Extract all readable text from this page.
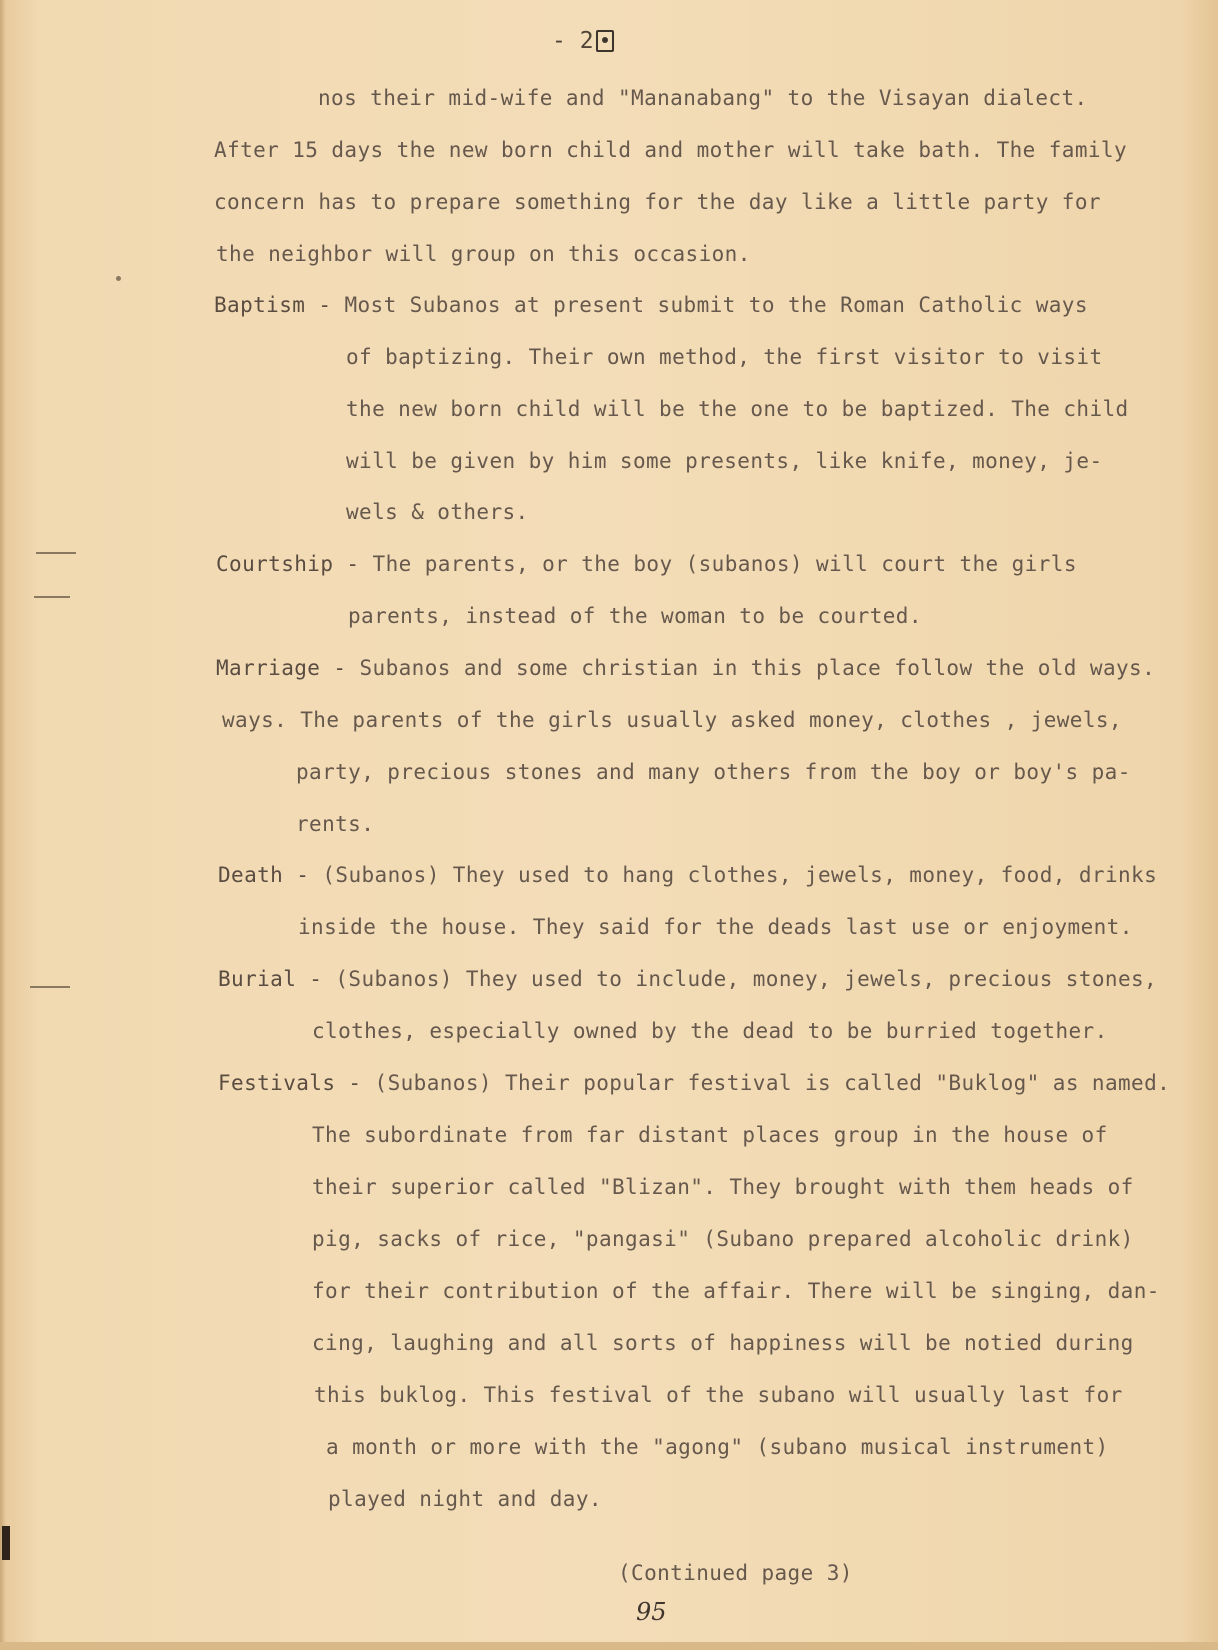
- 2
nos their mid-wife and "Mananabang" to the Visayan dialect.
After 15 days the new born child and mother will take bath. The family
concern has to prepare something for the day like a little party for
the neighbor will group on this occasion.
Baptism - Most Subanos at present submit to the Roman Catholic ways
of baptizing. Their own method, the first visitor to visit
the new born child will be the one to be baptized. The child
will be given by him some presents, like knife, money, je-
wels & others.
Courtship - The parents, or the boy (subanos) will court the girls
parents, instead of the woman to be courted.
Marriage - Subanos and some christian in this place follow the old ways.
ways. The parents of the girls usually asked money, clothes , jewels,
party, precious stones and many others from the boy or boy's pa-
rents.
Death - (Subanos) They used to hang clothes, jewels, money, food, drinks
inside the house. They said for the deads last use or enjoyment.
Burial - (Subanos) They used to include, money, jewels, precious stones,
clothes, especially owned by the dead to be burried together.
Festivals - (Subanos) Their popular festival is called "Buklog" as named.
The subordinate from far distant places group in the house of
their superior called "Blizan". They brought with them heads of
pig, sacks of rice, "pangasi" (Subano prepared alcoholic drink)
for their contribution of the affair. There will be singing, dan-
cing, laughing and all sorts of happiness will be notied during
this buklog. This festival of the subano will usually last for
a month or more with the "agong" (subano musical instrument)
played night and day.
(Continued page 3)
95
